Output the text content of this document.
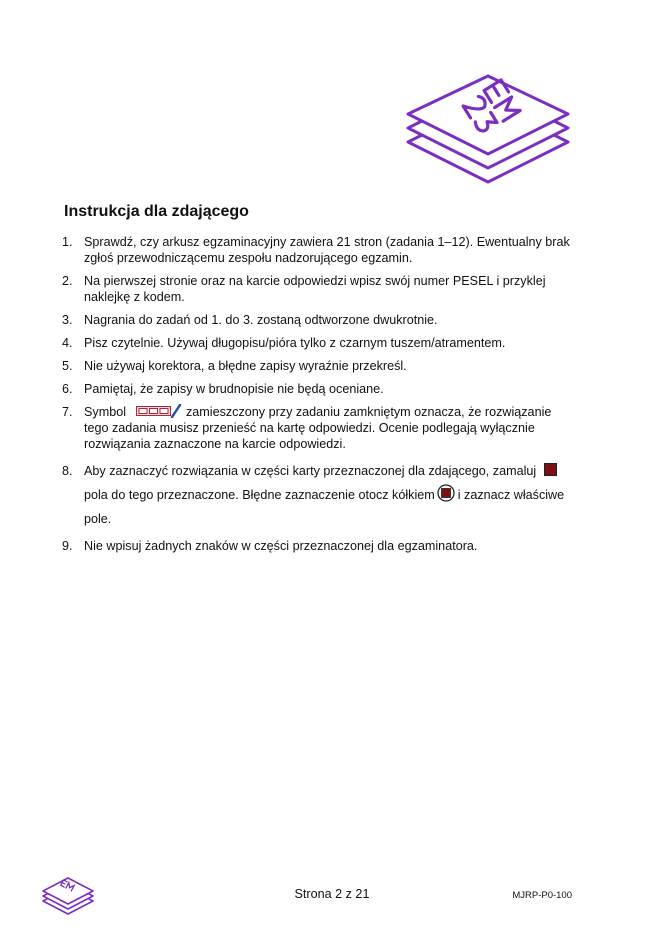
Instrukcja dla zdającego
1. Sprawdź, czy arkusz egzaminacyjny zawiera 21 stron (zadania 1–12). Ewentualny brak zgłoś przewodniczącemu zespołu nadzorującego egzamin.
2. Na pierwszej stronie oraz na karcie odpowiedzi wpisz swój numer PESEL i przyklej naklejkę z kodem.
3. Nagrania do zadań od 1. do 3. zostaną odtworzone dwukrotnie.
4. Pisz czytelnie. Używaj długopisu/pióra tylko z czarnym tuszem/atramentem.
5. Nie używaj korektora, a błędne zapisy wyraźnie przekreśl.
6. Pamiętaj, że zapisy w brudnopisie nie będą oceniane.
7. Symbol	zamieszczony przy zadaniu zamkniętym oznacza, że rozwiązanie tego zadania musisz przenieść na kartę odpowiedzi. Ocenie podlegają wyłącznie rozwiązania zaznaczone na karcie odpowiedzi.
8. Aby zaznaczyć rozwiązania w części karty przeznaczonej dla zdającego, zamalujpola do tego przeznaczone. Błędne zaznaczenie otocz kółkiem i zaznacz właściwe pole.
9. Nie wpisuj żadnych znaków w części przeznaczonej dla egzaminatora.
Strona 2 z 21	MJRP-P0-100
